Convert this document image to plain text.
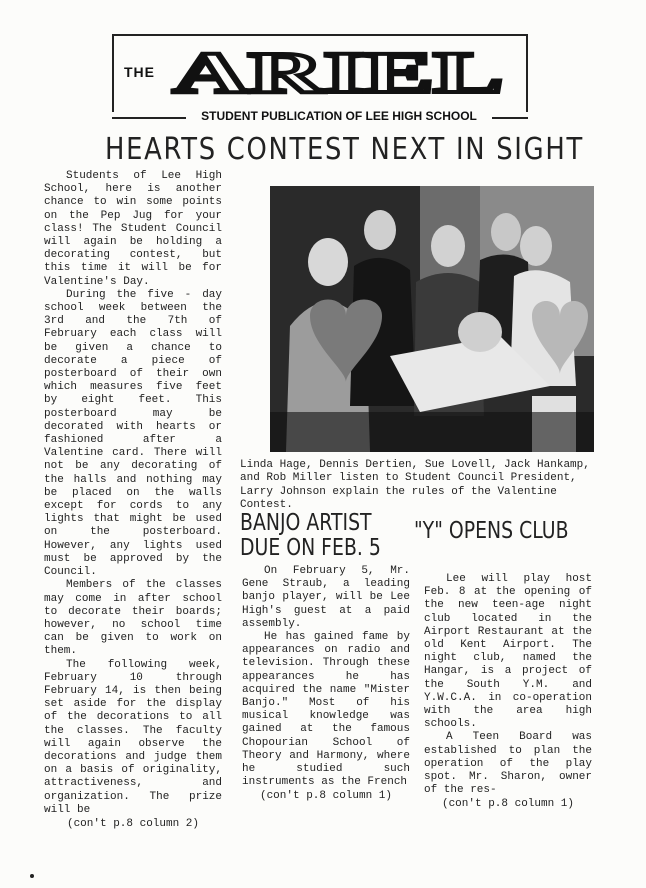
THE ARIEL
STUDENT PUBLICATION OF LEE HIGH SCHOOL
HEARTS CONTEST NEXT IN SIGHT

Students of Lee High School, here is another chance to win some points on the Pep Jug for your class! The Student Council will again be holding a decorating contest, but this time it will be for Valentine's Day.

During the five - day school week between the 3rd and the 7th of February each class will be given a chance to decorate a piece of posterboard of their own which measures five feet by eight feet. This posterboard may be decorated with hearts or fashioned after a Valentine card. There will not be any decorating of the halls and nothing may be placed on the walls except for cords to any lights that might be used on the posterboard. However, any lights used must be approved by the Council.

Members of the classes may come in after school to decorate their boards; however, no school time can be given to work on them.

The following week, February 10 through February 14, is then being set aside for the display of the decorations to all the classes. The faculty will again observe the decorations and judge them on a basis of originality, attractiveness, and organization. The prize will be

(con't p.8 column 2)

Linda Hage, Dennis Dertien, Sue Lovell, Jack Hankamp, and Rob Miller listen to Student Council President, Larry Johnson explain the rules of the Valentine Contest.
BANJO ARTIST
DUE ON FEB. 5
"Y" OPENS CLUB

On February 5, Mr. Gene Straub, a leading banjo player, will be Lee High's guest at a paid assembly.

He has gained fame by appearances on radio and television. Through these appearances he has acquired the name "Mister Banjo." Most of his musical knowledge was gained at the famous Chopourian School of Theory and Harmony, where he studied such instruments as the French

(con't p.8 column 1)

Lee will play host Feb. 8 at the opening of the new teen-age night club located in the Airport Restaurant at the old Kent Airport. The night club, named the Hangar, is a project of the South Y.M. and Y.W.C.A. in co-operation with the area high schools.

A Teen Board was established to plan the operation of the play spot. Mr. Sharon, owner of the res-

(con't p.8 column 1)
